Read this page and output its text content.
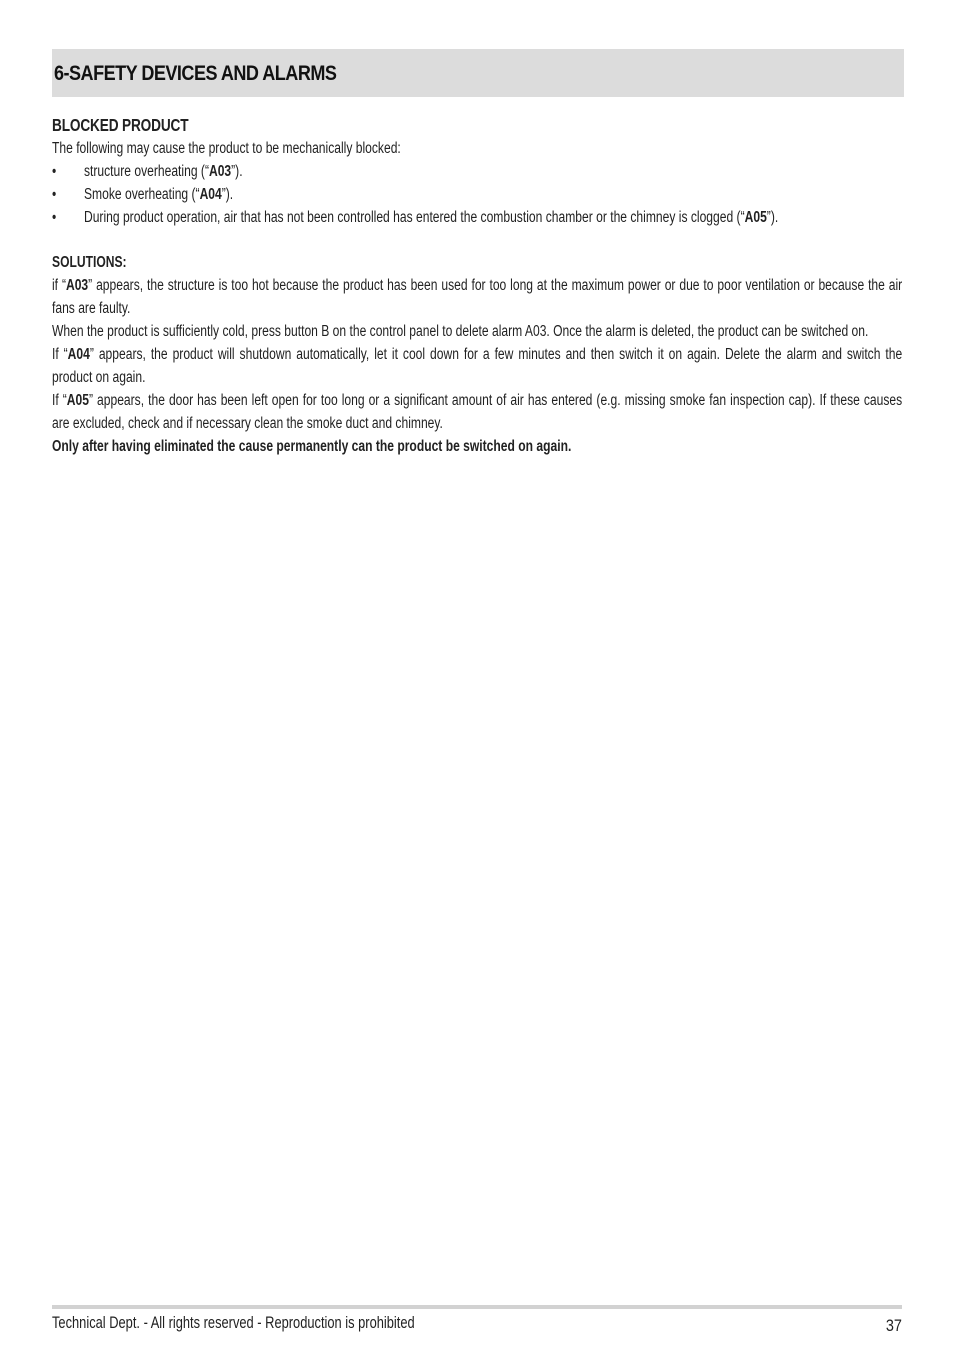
6-SAFETY DEVICES AND ALARMS

BLOCKED PRODUCT

The following may cause the product to be mechanically blocked:

• structure overheating (“A03”).
• Smoke overheating (“A04”).
• During product operation, air that has not been controlled has entered the combustion chamber or the chimney is clogged (“A05”).

SOLUTIONS:

if “A03” appears, the structure is too hot because the product has been used for too long at the maximum power or due to poor ventilation or because the air fans are faulty.

When the product is sufficiently cold, press button B on the control panel to delete alarm A03. Once the alarm is deleted, the product can be switched on.

If “A04” appears, the product will shutdown automatically, let it cool down for a few minutes and then switch it on again. Delete the alarm and switch the product on again.

If “A05” appears, the door has been left open for too long or a significant amount of air has entered (e.g. missing smoke fan inspection cap). If these causes are excluded, check and if necessary clean the smoke duct and chimney.

Only after having eliminated the cause permanently can the product be switched on again.

Technical Dept. - All rights reserved - Reproduction is prohibited	37
